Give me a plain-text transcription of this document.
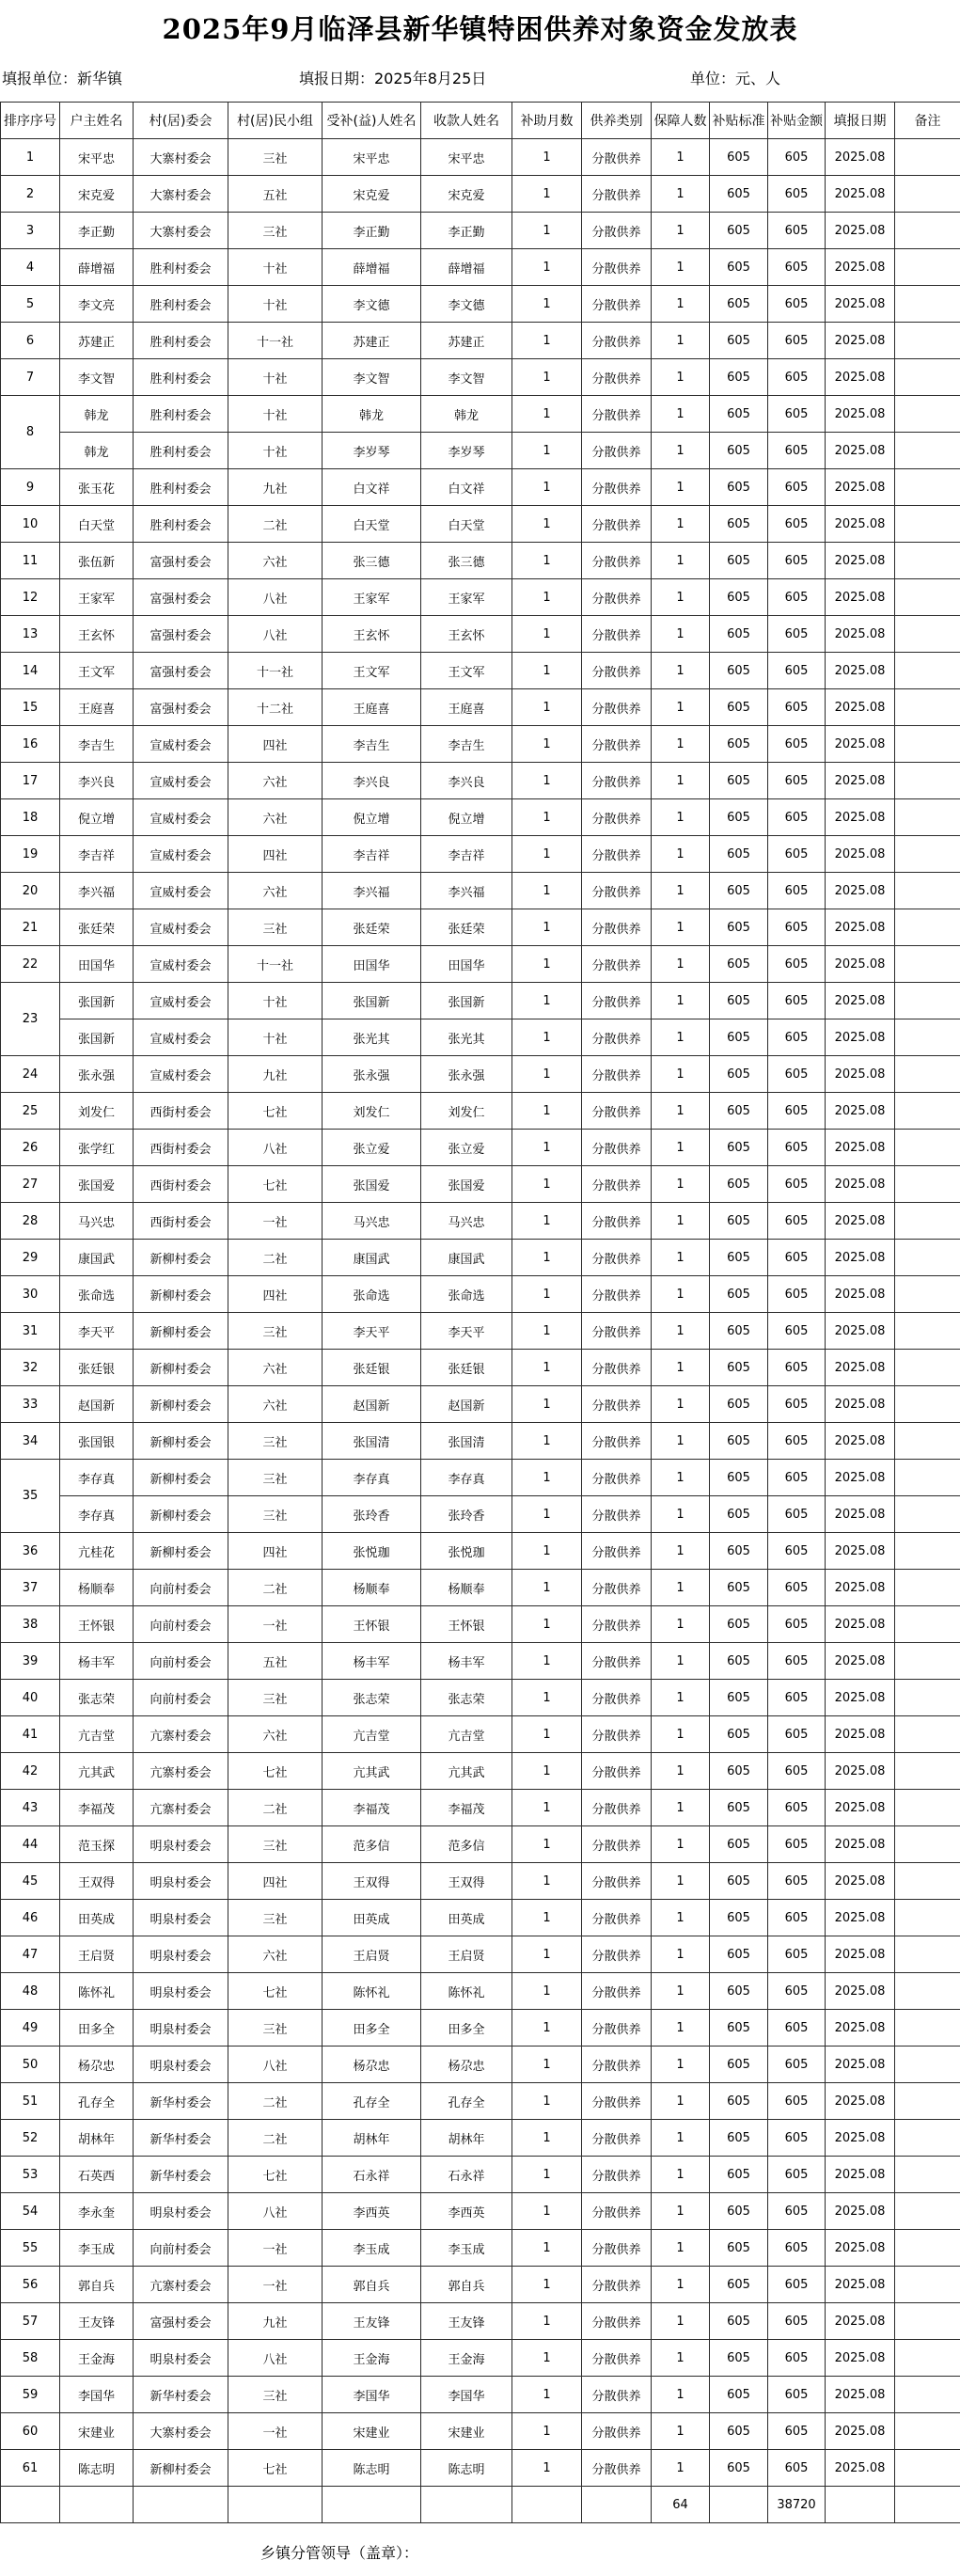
2025年9月临泽县新华镇特困供养对象资金发放表
填报单位：新华镇	填报日期：2025年8月25日	单位：元、人
排序序号	户主姓名	村(居)委会	村(居)民小组	受补(益)人姓名	收款人姓名	补助月数	供养类别	保障人数	补贴标准	补贴金额	填报日期	备注
1	宋平忠	大寨村委会	三社	宋平忠	宋平忠	1	分散供养	1	605	605	2025.08	
2	宋克爱	大寨村委会	五社	宋克爱	宋克爱	1	分散供养	1	605	605	2025.08	
3	李正勤	大寨村委会	三社	李正勤	李正勤	1	分散供养	1	605	605	2025.08	
4	薛增福	胜利村委会	十社	薛增福	薛增福	1	分散供养	1	605	605	2025.08	
5	李文亮	胜利村委会	十社	李文德	李文德	1	分散供养	1	605	605	2025.08	
6	苏建正	胜利村委会	十一社	苏建正	苏建正	1	分散供养	1	605	605	2025.08	
7	李文智	胜利村委会	十社	李文智	李文智	1	分散供养	1	605	605	2025.08	
8	韩龙	胜利村委会	十社	韩龙	韩龙	1	分散供养	1	605	605	2025.08	
	韩龙	胜利村委会	十社	李岁琴	李岁琴	1	分散供养	1	605	605	2025.08	
9	张玉花	胜利村委会	九社	白文祥	白文祥	1	分散供养	1	605	605	2025.08	
10	白天堂	胜利村委会	二社	白天堂	白天堂	1	分散供养	1	605	605	2025.08	
11	张伍新	富强村委会	六社	张三德	张三德	1	分散供养	1	605	605	2025.08	
12	王家军	富强村委会	八社	王家军	王家军	1	分散供养	1	605	605	2025.08	
13	王玄怀	富强村委会	八社	王玄怀	王玄怀	1	分散供养	1	605	605	2025.08	
14	王文军	富强村委会	十一社	王文军	王文军	1	分散供养	1	605	605	2025.08	
15	王庭喜	富强村委会	十二社	王庭喜	王庭喜	1	分散供养	1	605	605	2025.08	
16	李吉生	宣威村委会	四社	李吉生	李吉生	1	分散供养	1	605	605	2025.08	
17	李兴良	宣威村委会	六社	李兴良	李兴良	1	分散供养	1	605	605	2025.08	
18	倪立增	宣威村委会	六社	倪立增	倪立增	1	分散供养	1	605	605	2025.08	
19	李吉祥	宣威村委会	四社	李吉祥	李吉祥	1	分散供养	1	605	605	2025.08	
20	李兴福	宣威村委会	六社	李兴福	李兴福	1	分散供养	1	605	605	2025.08	
21	张廷荣	宣威村委会	三社	张廷荣	张廷荣	1	分散供养	1	605	605	2025.08	
22	田国华	宣威村委会	十一社	田国华	田国华	1	分散供养	1	605	605	2025.08	
23	张国新	宣威村委会	十社	张国新	张国新	1	分散供养	1	605	605	2025.08	
	张国新	宣威村委会	十社	张光其	张光其	1	分散供养	1	605	605	2025.08	
24	张永强	宣威村委会	九社	张永强	张永强	1	分散供养	1	605	605	2025.08	
25	刘发仁	西街村委会	七社	刘发仁	刘发仁	1	分散供养	1	605	605	2025.08	
26	张学红	西街村委会	八社	张立爱	张立爱	1	分散供养	1	605	605	2025.08	
27	张国爱	西街村委会	七社	张国爱	张国爱	1	分散供养	1	605	605	2025.08	
28	马兴忠	西街村委会	一社	马兴忠	马兴忠	1	分散供养	1	605	605	2025.08	
29	康国武	新柳村委会	二社	康国武	康国武	1	分散供养	1	605	605	2025.08	
30	张命选	新柳村委会	四社	张命选	张命选	1	分散供养	1	605	605	2025.08	
31	李天平	新柳村委会	三社	李天平	李天平	1	分散供养	1	605	605	2025.08	
32	张廷银	新柳村委会	六社	张廷银	张廷银	1	分散供养	1	605	605	2025.08	
33	赵国新	新柳村委会	六社	赵国新	赵国新	1	分散供养	1	605	605	2025.08	
34	张国银	新柳村委会	三社	张国清	张国清	1	分散供养	1	605	605	2025.08	
35	李存真	新柳村委会	三社	李存真	李存真	1	分散供养	1	605	605	2025.08	
	李存真	新柳村委会	三社	张玲香	张玲香	1	分散供养	1	605	605	2025.08	
36	亢桂花	新柳村委会	四社	张悦珈	张悦珈	1	分散供养	1	605	605	2025.08	
37	杨顺奉	向前村委会	二社	杨顺奉	杨顺奉	1	分散供养	1	605	605	2025.08	
38	王怀银	向前村委会	一社	王怀银	王怀银	1	分散供养	1	605	605	2025.08	
39	杨丰军	向前村委会	五社	杨丰军	杨丰军	1	分散供养	1	605	605	2025.08	
40	张志荣	向前村委会	三社	张志荣	张志荣	1	分散供养	1	605	605	2025.08	
41	亢吉堂	亢寨村委会	六社	亢吉堂	亢吉堂	1	分散供养	1	605	605	2025.08	
42	亢其武	亢寨村委会	七社	亢其武	亢其武	1	分散供养	1	605	605	2025.08	
43	李福茂	亢寨村委会	二社	李福茂	李福茂	1	分散供养	1	605	605	2025.08	
44	范玉探	明泉村委会	三社	范多信	范多信	1	分散供养	1	605	605	2025.08	
45	王双得	明泉村委会	四社	王双得	王双得	1	分散供养	1	605	605	2025.08	
46	田英成	明泉村委会	三社	田英成	田英成	1	分散供养	1	605	605	2025.08	
47	王启贤	明泉村委会	六社	王启贤	王启贤	1	分散供养	1	605	605	2025.08	
48	陈怀礼	明泉村委会	七社	陈怀礼	陈怀礼	1	分散供养	1	605	605	2025.08	
49	田多全	明泉村委会	三社	田多全	田多全	1	分散供养	1	605	605	2025.08	
50	杨尕忠	明泉村委会	八社	杨尕忠	杨尕忠	1	分散供养	1	605	605	2025.08	
51	孔存全	新华村委会	二社	孔存全	孔存全	1	分散供养	1	605	605	2025.08	
52	胡林年	新华村委会	二社	胡林年	胡林年	1	分散供养	1	605	605	2025.08	
53	石英西	新华村委会	七社	石永祥	石永祥	1	分散供养	1	605	605	2025.08	
54	李永奎	明泉村委会	八社	李西英	李西英	1	分散供养	1	605	605	2025.08	
55	李玉成	向前村委会	一社	李玉成	李玉成	1	分散供养	1	605	605	2025.08	
56	郭自兵	亢寨村委会	一社	郭自兵	郭自兵	1	分散供养	1	605	605	2025.08	
57	王友锋	富强村委会	九社	王友锋	王友锋	1	分散供养	1	605	605	2025.08	
58	王金海	明泉村委会	八社	王金海	王金海	1	分散供养	1	605	605	2025.08	
59	李国华	新华村委会	三社	李国华	李国华	1	分散供养	1	605	605	2025.08	
60	宋建业	大寨村委会	一社	宋建业	宋建业	1	分散供养	1	605	605	2025.08	
61	陈志明	新柳村委会	七社	陈志明	陈志明	1	分散供养	1	605	605	2025.08	
								64		38720		
乡镇分管领导（盖章）：
